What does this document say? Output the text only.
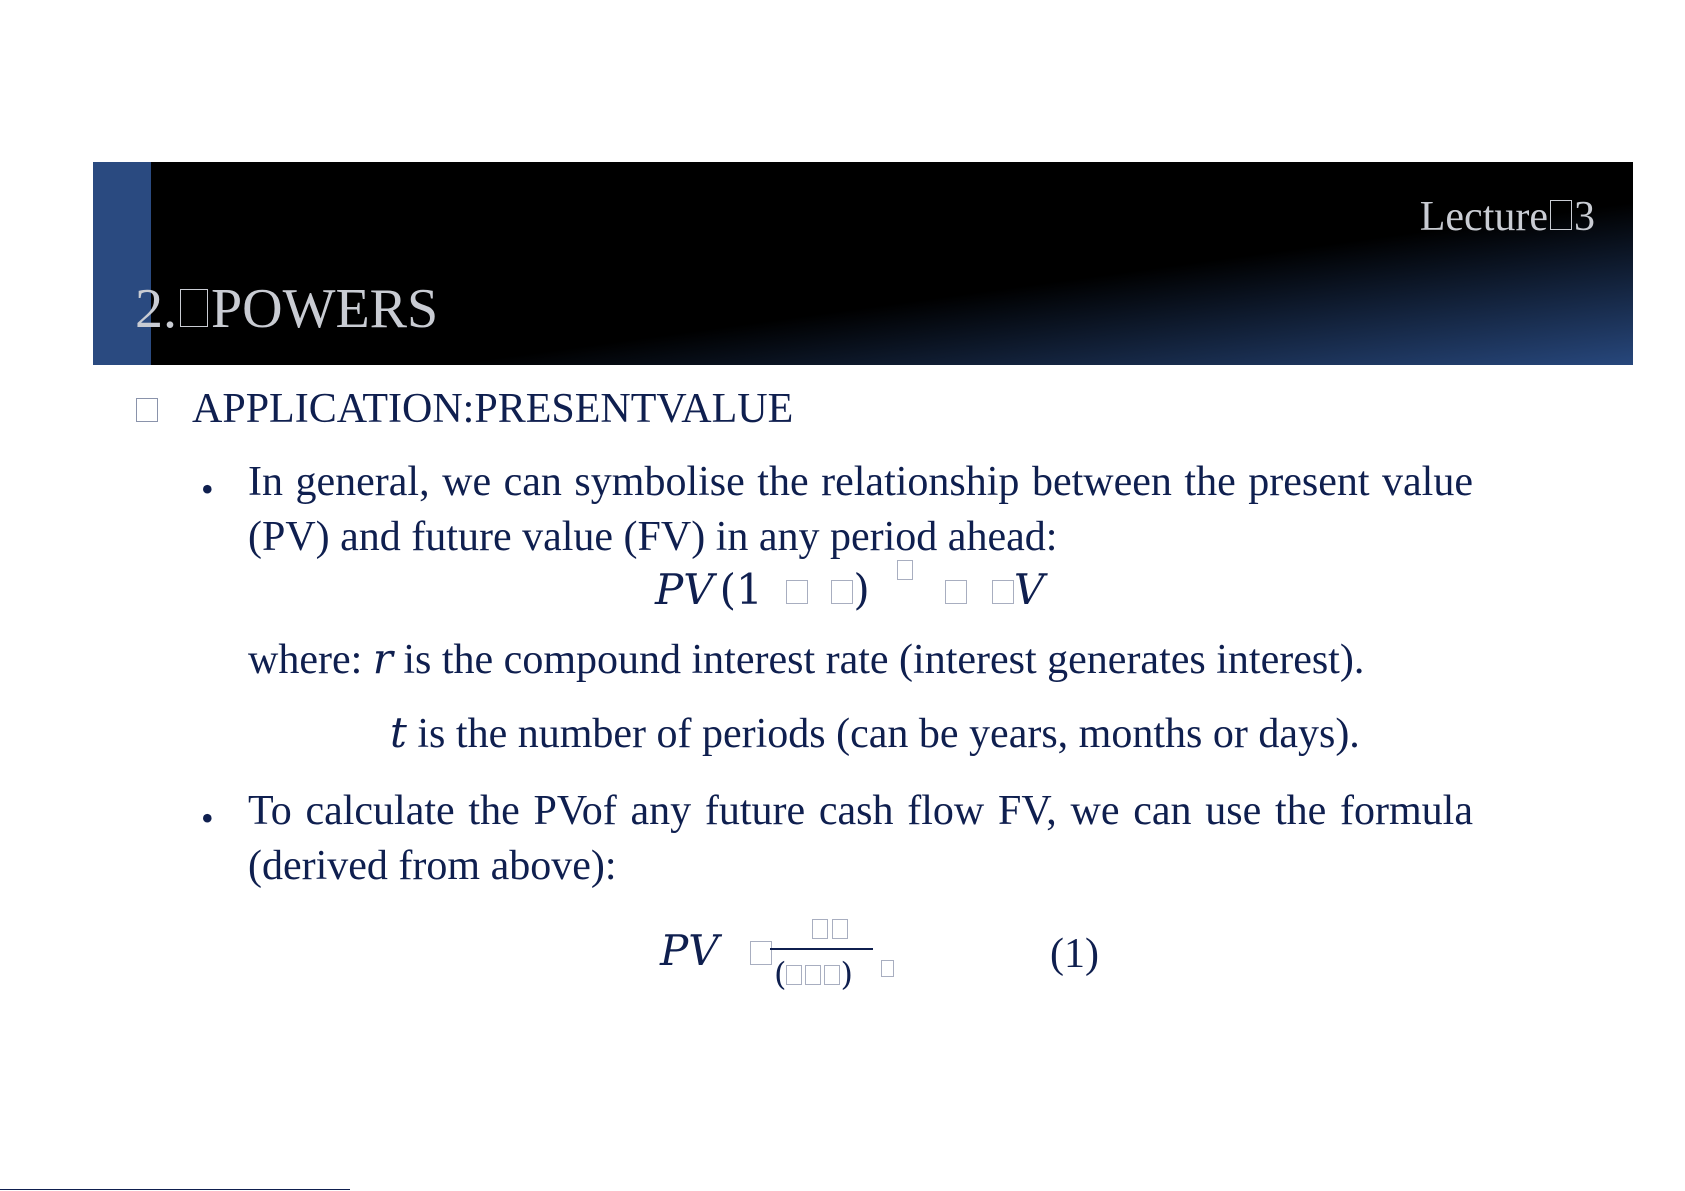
Lecture 3
2. POWERS
APPLICATION:PRESENTVALUE
• In general, we can symbolise the relationship between the present value (PV) and future value (FV) in any period ahead:
PV (1 )	V
where: r is the compound interest rate (interest generates interest).
t is the number of periods (can be years, months or days).
• To calculate the PVof any future cash flow FV, we can use the formula (derived from above):
PV	( )	(1)
